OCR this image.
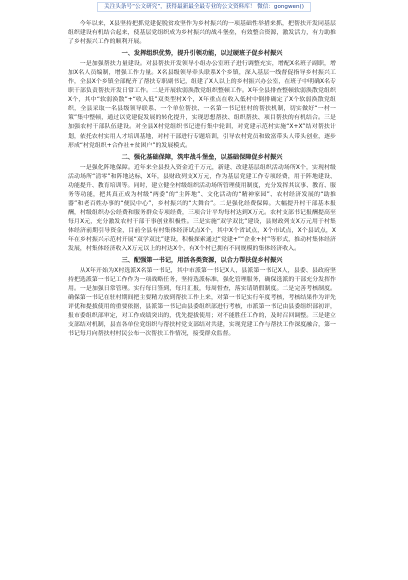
关注头条号“公文研究”，获得最新最全最专业的公文资料库！ 微信：gongwen()

今年以来，X县坚持把抓党建促脱贫攻坚作为乡村振兴的一项基础性举措来抓，把帮扶开发同基层组织建设有机结合起来，使基层党组织成为乡村振兴的战斗堡垒，有效整合资源，激发活力，有力助推了乡村振兴工作的顺利开展。

一、发挥组织优势，提升引领功能，以过硬班子促乡村振兴

一是加强帮扶力量建设。对县帮扶开发领导小组办公室班子进行调整充实，增配X名班子副职，增加X名人员编制，增强工作力量。X名县级领导牵头联系X个乡镇，深入基层一线督促指导乡村振兴工作，全县X个乡镇全部配齐了帮扶专职副书记，组建了X人以上的乡村振兴办公室，在班子中明确X名专职干部负责帮扶开发日常工作。二是开展软弱涣散党组织整顿工作。X年全县排查整顿软弱涣散党组织X个，其中“软弱涣散”+“收入低”双类型村X个，X年重点在收入低村中倒排确定了X个软弱涣散党组织，全县采取一名县级领导联系、一个单位帮扶、一名第一书记驻村的帮扶机制，切实做好“一村一策”集中整顿，通过以党建促发展的转化提升，实现思想帮扶、组织帮扶、项目帮扶的有机结合。三是加强农村干部队伍建设。对全县X村党组织书记进行集中轮训，对党建示范村实施“X+X”结对帮扶计划，依托农村实用人才培训基地，对村干部进行专题培训，引导农村党员和致富带头人带头创业，逐步形成“村党组织+合作社+贫困户”的发展模式。

二、强化基础保障，筑牢战斗堡垒，以基础保障促乡村振兴

一是强化阵地保障。近年来全县投入资金近千万元，新建、改建基层组织活动场所X个，实现村级活动场所“清零”和阵地达标，X年，县财政列支X万元，作为基层党建工作专项经费，用于阵地建设、功能提升、教育培训等。同时，建立健全村级组织活动场所管理使用制度，充分发挥其议事、教育、服务等功能，把其真正成为村级“两委”的“主阵地”、文化活动的“精神家园”、农村经济发展的“助推器”和老百姓办事的“便民中心”，乡村振兴的“大舞台”。二是强化经费保障。大幅提升村干部基本报酬，村级组织办公经费和服务群众专项经费，三项合计平均每村达到X万元。农村支部书记报酬提高至每月X元，充分激发农村干部干事创业积极性。三是实施“双学双比”建设，县财政列支X万元用于村集体经济前期引导资金，目前全县有村集体经济试点X个，其中X个省试点，X个市试点，X个县试点，X年在乡村振兴示范村开展“双学双比”建设，积极探索通过“党建+”“企业+村”等形式，推动村集体经济发展，村集体经济收入X万元以上的村达X个，有X个村已拥有不同规模的集体经济收入。

三、配强第一书记，用活各类资源，以合力帮扶促乡村振兴

从X年开始为X村选派X名第一书记，其中市派第一书记X人，县派第一书记X人，县委、县政府坚持把选派第一书记工作作为一项战略任务，坚持选派标准，强化管理服务，确保选派的干部充分发挥作用。一是加强日常管理。实行每日签到，每月汇报，每周督查，落实请销假制度。二是完善考核制度。确保第一书记在驻村期间把主要精力放到帮扶工作上来，对第一书记实行年度考核，考核结果作为评先评优和提拔使用的重要依据，县派第一书记由县委组织部进行考核，市派第一书记由县委组织部初评，报市委组织部审定，对工作成绩突出的，优先提拔使用；对不能胜任工作的，及时召回调整。三是建立支部结对机制，县直各单位党组织与帮扶村党支部结对共建，实现党建工作与帮扶工作深度融合，第一书记每月向帮扶村村民公布一次帮扶工作情况，接受群众监督。
